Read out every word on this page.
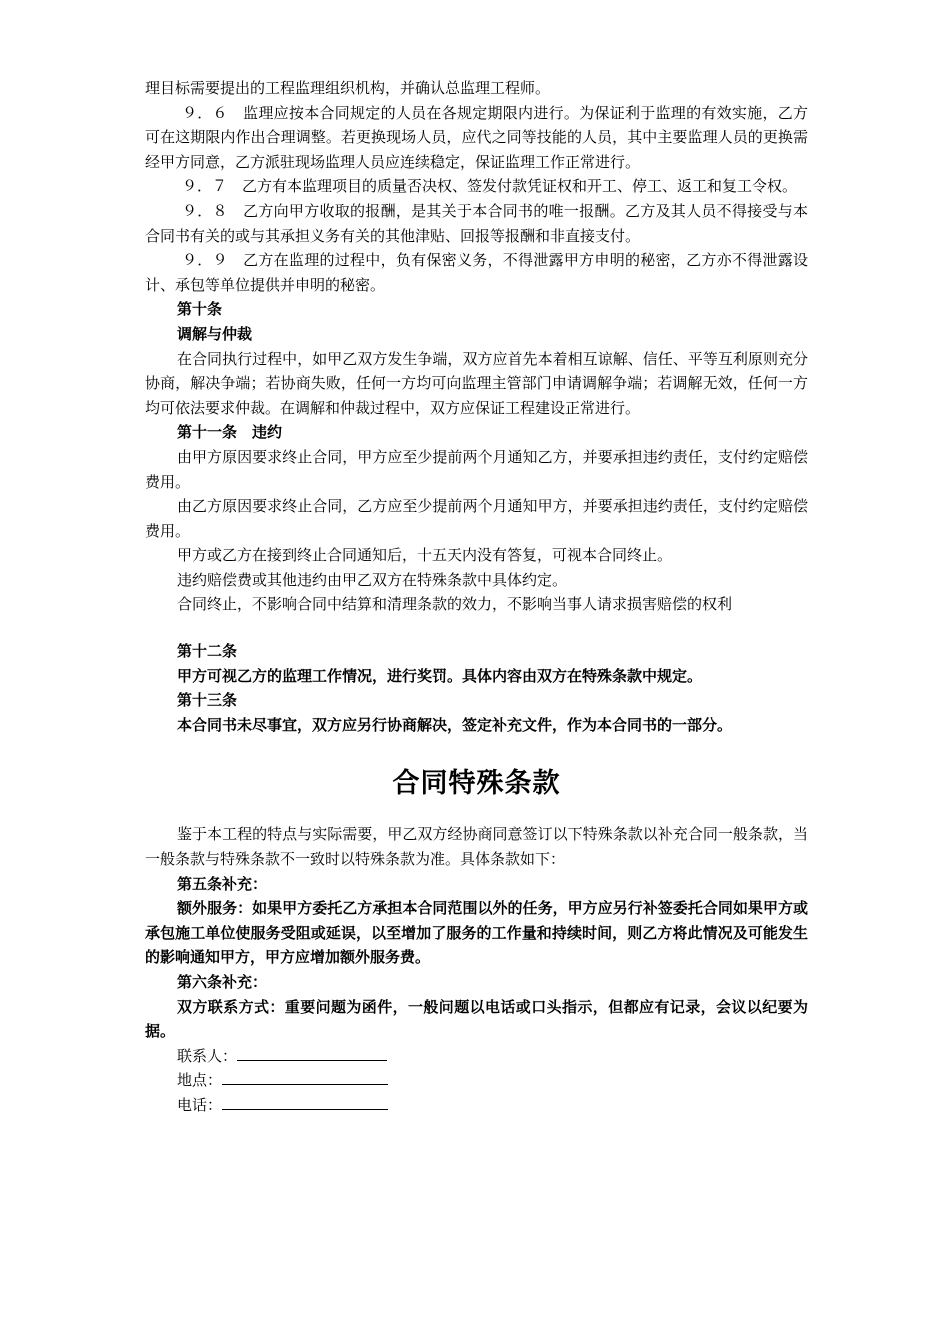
理目标需要提出的工程监理组织机构，并确认总监理工程师。

９．６　监理应按本合同规定的人员在各规定期限内进行。为保证利于监理的有效实施，乙方可在这期限内作出合理调整。若更换现场人员，应代之同等技能的人员，其中主要监理人员的更换需经甲方同意，乙方派驻现场监理人员应连续稳定，保证监理工作正常进行。

９．７　乙方有本监理项目的质量否决权、签发付款凭证权和开工、停工、返工和复工令权。

９．８　乙方向甲方收取的报酬，是其关于本合同书的唯一报酬。乙方及其人员不得接受与本合同书有关的或与其承担义务有关的其他津贴、回报等报酬和非直接支付。

９．９　乙方在监理的过程中，负有保密义务，不得泄露甲方申明的秘密，乙方亦不得泄露设计、承包等单位提供并申明的秘密。

第十条

调解与仲裁

在合同执行过程中，如甲乙双方发生争端，双方应首先本着相互谅解、信任、平等互利原则充分协商，解决争端；若协商失败，任何一方均可向监理主管部门申请调解争端；若调解无效，任何一方均可依法要求仲裁。在调解和仲裁过程中，双方应保证工程建设正常进行。

第十一条　违约

由甲方原因要求终止合同，甲方应至少提前两个月通知乙方，并要承担违约责任，支付约定赔偿费用。

由乙方原因要求终止合同，乙方应至少提前两个月通知甲方，并要承担违约责任，支付约定赔偿费用。

甲方或乙方在接到终止合同通知后，十五天内没有答复，可视本合同终止。

违约赔偿费或其他违约由甲乙双方在特殊条款中具体约定。

合同终止，不影响合同中结算和清理条款的效力，不影响当事人请求损害赔偿的权利

第十二条

甲方可视乙方的监理工作情况，进行奖罚。具体内容由双方在特殊条款中规定。

第十三条

本合同书未尽事宜，双方应另行协商解决，签定补充文件，作为本合同书的一部分。

合同特殊条款

鉴于本工程的特点与实际需要，甲乙双方经协商同意签订以下特殊条款以补充合同一般条款，当一般条款与特殊条款不一致时以特殊条款为准。具体条款如下：

第五条补充：

额外服务：如果甲方委托乙方承担本合同范围以外的任务，甲方应另行补签委托合同如果甲方或承包施工单位使服务受阻或延误，以至增加了服务的工作量和持续时间，则乙方将此情况及可能发生的影响通知甲方，甲方应增加额外服务费。

第六条补充：

双方联系方式：重要问题为函件，一般问题以电话或口头指示，但都应有记录，会议以纪要为据。

联系人：

地点：

电话：
